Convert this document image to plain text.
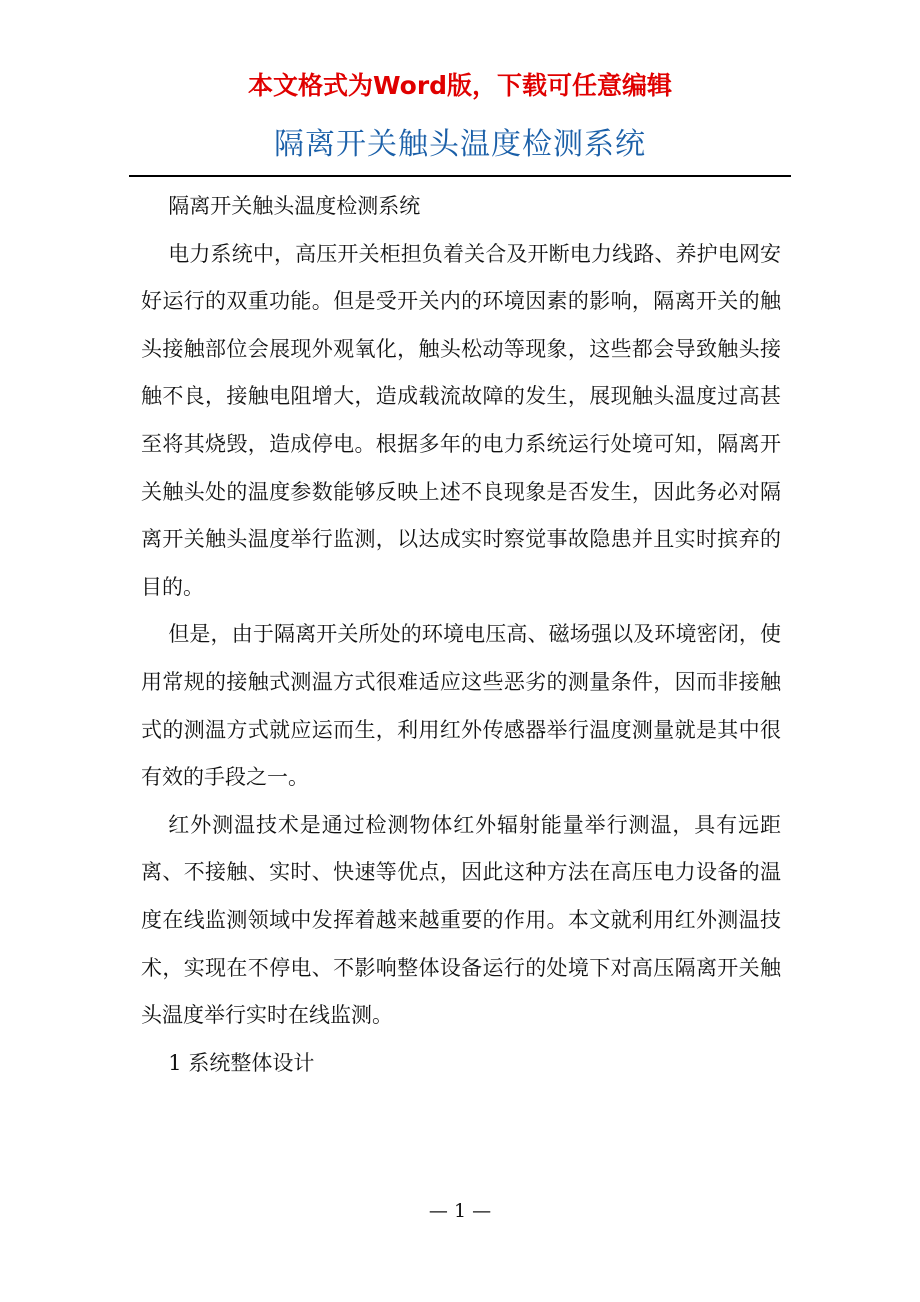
本文格式为Word版，下载可任意编辑
隔离开关触头温度检测系统

隔离开关触头温度检测系统

电力系统中，高压开关柜担负着关合及开断电力线路、养护电网安好运行的双重功能。但是受开关内的环境因素的影响，隔离开关的触头接触部位会展现外观氧化，触头松动等现象，这些都会导致触头接触不良，接触电阻增大，造成载流故障的发生，展现触头温度过高甚至将其烧毁，造成停电。根据多年的电力系统运行处境可知，隔离开关触头处的温度参数能够反映上述不良现象是否发生，因此务必对隔离开关触头温度举行监测，以达成实时察觉事故隐患并且实时摈弃的目的。

但是，由于隔离开关所处的环境电压高、磁场强以及环境密闭，使用常规的接触式测温方式很难适应这些恶劣的测量条件，因而非接触式的测温方式就应运而生，利用红外传感器举行温度测量就是其中很有效的手段之一。

红外测温技术是通过检测物体红外辐射能量举行测温，具有远距离、不接触、实时、快速等优点，因此这种方法在高压电力设备的温度在线监测领域中发挥着越来越重要的作用。本文就利用红外测温技术，实现在不停电、不影响整体设备运行的处境下对高压隔离开关触头温度举行实时在线监测。

1 系统整体设计

— 1 —
